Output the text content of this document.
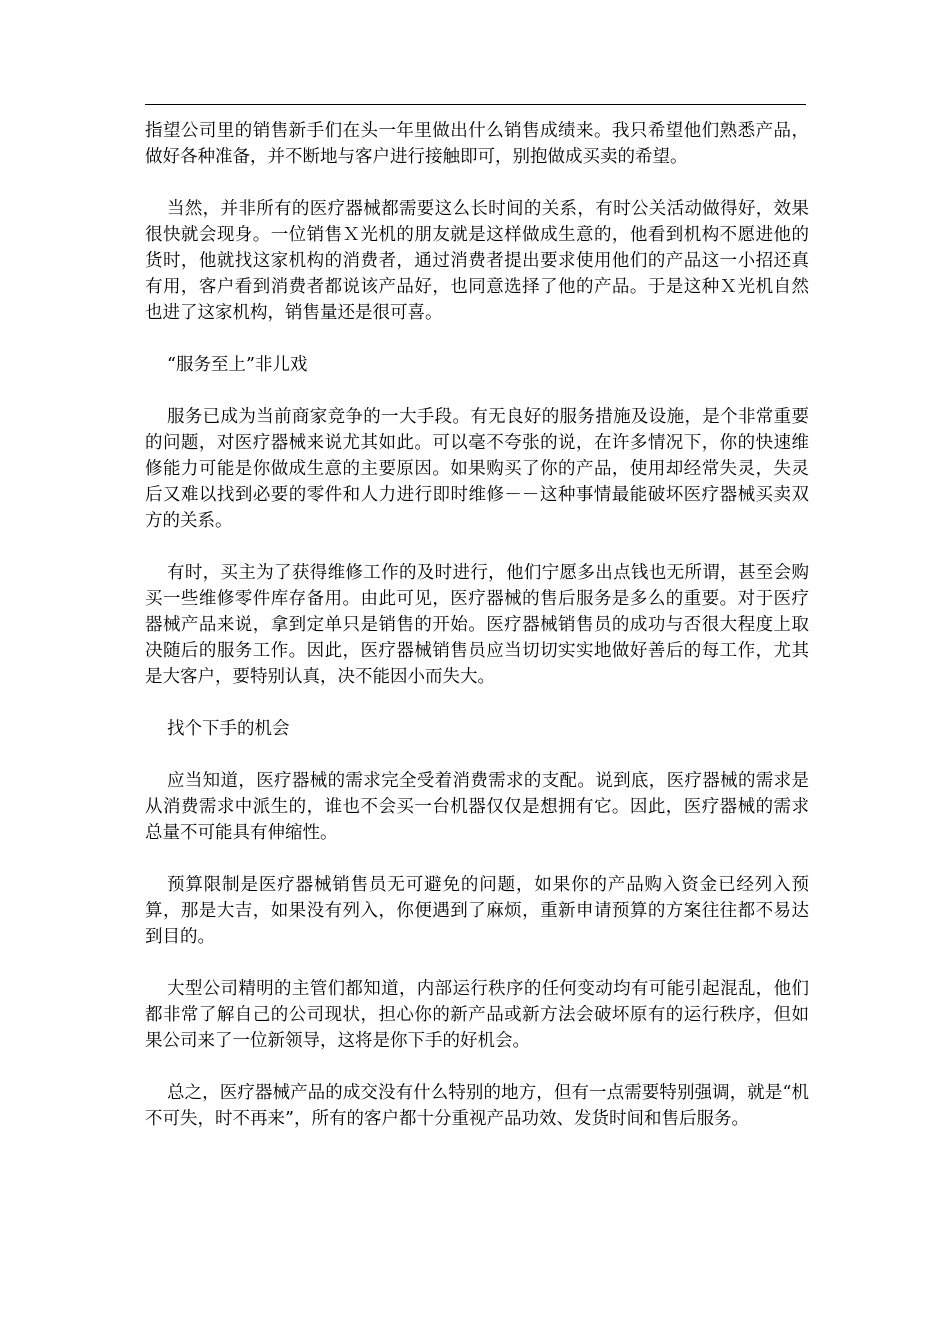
指望公司里的销售新手们在头一年里做出什么销售成绩来。我只希望他们熟悉产品，做好各种准备，并不断地与客户进行接触即可，别抱做成买卖的希望。

当然，并非所有的医疗器械都需要这么长时间的关系，有时公关活动做得好，效果很快就会现身。一位销售Ｘ光机的朋友就是这样做成生意的，他看到机构不愿进他的货时，他就找这家机构的消费者，通过消费者提出要求使用他们的产品这一小招还真有用，客户看到消费者都说该产品好，也同意选择了他的产品。于是这种Ｘ光机自然也进了这家机构，销售量还是很可喜。

“服务至上”非儿戏

服务已成为当前商家竞争的一大手段。有无良好的服务措施及设施，是个非常重要的问题，对医疗器械来说尤其如此。可以毫不夸张的说，在许多情况下，你的快速维修能力可能是你做成生意的主要原因。如果购买了你的产品，使用却经常失灵，失灵后又难以找到必要的零件和人力进行即时维修－－这种事情最能破坏医疗器械买卖双方的关系。

有时，买主为了获得维修工作的及时进行，他们宁愿多出点钱也无所谓，甚至会购买一些维修零件库存备用。由此可见，医疗器械的售后服务是多么的重要。对于医疗器械产品来说，拿到定单只是销售的开始。医疗器械销售员的成功与否很大程度上取决随后的服务工作。因此，医疗器械销售员应当切切实实地做好善后的每工作，尤其是大客户，要特别认真，决不能因小而失大。

找个下手的机会

应当知道，医疗器械的需求完全受着消费需求的支配。说到底，医疗器械的需求是从消费需求中派生的，谁也不会买一台机器仅仅是想拥有它。因此，医疗器械的需求总量不可能具有伸缩性。

预算限制是医疗器械销售员无可避免的问题，如果你的产品购入资金已经列入预算，那是大吉，如果没有列入，你便遇到了麻烦，重新申请预算的方案往往都不易达到目的。

大型公司精明的主管们都知道，内部运行秩序的任何变动均有可能引起混乱，他们都非常了解自己的公司现状，担心你的新产品或新方法会破坏原有的运行秩序，但如果公司来了一位新领导，这将是你下手的好机会。

总之，医疗器械产品的成交没有什么特别的地方，但有一点需要特别强调，就是“机不可失，时不再来”，所有的客户都十分重视产品功效、发货时间和售后服务。
